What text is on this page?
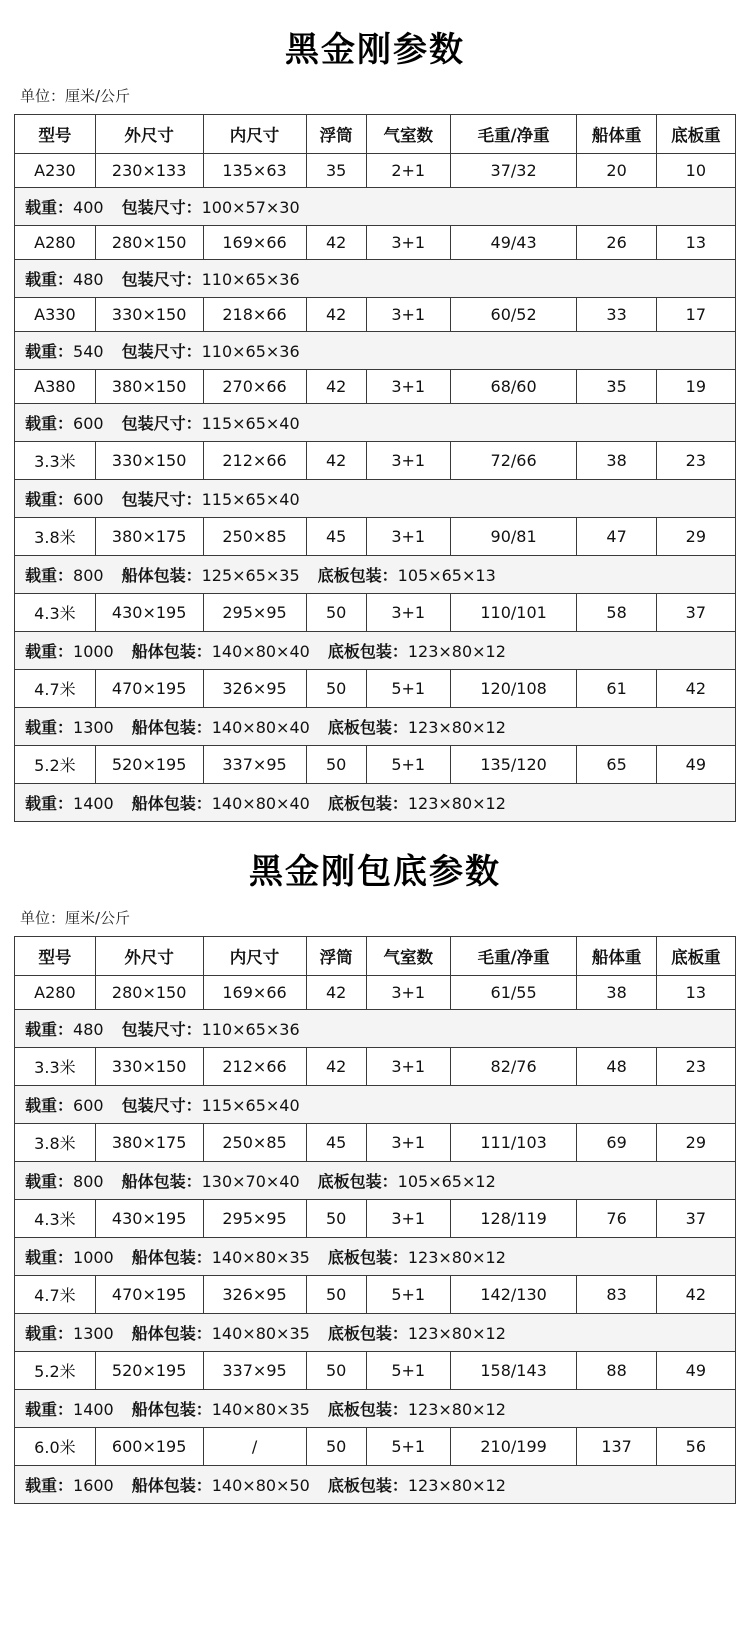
黑金刚参数
单位：厘米/公斤
型号	外尺寸	内尺寸	浮筒	气室数	毛重/净重	船体重	底板重
A230	230×133	135×63	35	2+1	37/32	20	10
载重：400 包装尺寸：100×57×30							
A280	280×150	169×66	42	3+1	49/43	26	13
载重：480 包装尺寸：110×65×36							
A330	330×150	218×66	42	3+1	60/52	33	17
载重：540 包装尺寸：110×65×36							
A380	380×150	270×66	42	3+1	68/60	35	19
载重：600 包装尺寸：115×65×40							
3.3米	330×150	212×66	42	3+1	72/66	38	23
载重：600 包装尺寸：115×65×40							
3.8米	380×175	250×85	45	3+1	90/81	47	29
载重：800 船体包装：125×65×35 底板包装：105×65×13							
4.3米	430×195	295×95	50	3+1	110/101	58	37
载重：1000 船体包装：140×80×40 底板包装：123×80×12							
4.7米	470×195	326×95	50	5+1	120/108	61	42
载重：1300 船体包装：140×80×40 底板包装：123×80×12							
5.2米	520×195	337×95	50	5+1	135/120	65	49
载重：1400 船体包装：140×80×40 底板包装：123×80×12							
黑金刚包底参数
单位：厘米/公斤
型号	外尺寸	内尺寸	浮筒	气室数	毛重/净重	船体重	底板重
A280	280×150	169×66	42	3+1	61/55	38	13
载重：480 包装尺寸：110×65×36							
3.3米	330×150	212×66	42	3+1	82/76	48	23
载重：600 包装尺寸：115×65×40							
3.8米	380×175	250×85	45	3+1	111/103	69	29
载重：800 船体包装：130×70×40 底板包装：105×65×12							
4.3米	430×195	295×95	50	3+1	128/119	76	37
载重：1000 船体包装：140×80×35 底板包装：123×80×12							
4.7米	470×195	326×95	50	5+1	142/130	83	42
载重：1300 船体包装：140×80×35 底板包装：123×80×12							
5.2米	520×195	337×95	50	5+1	158/143	88	49
载重：1400 船体包装：140×80×35 底板包装：123×80×12							
6.0米	600×195	/	50	5+1	210/199	137	56
载重：1600 船体包装：140×80×50 底板包装：123×80×12							
